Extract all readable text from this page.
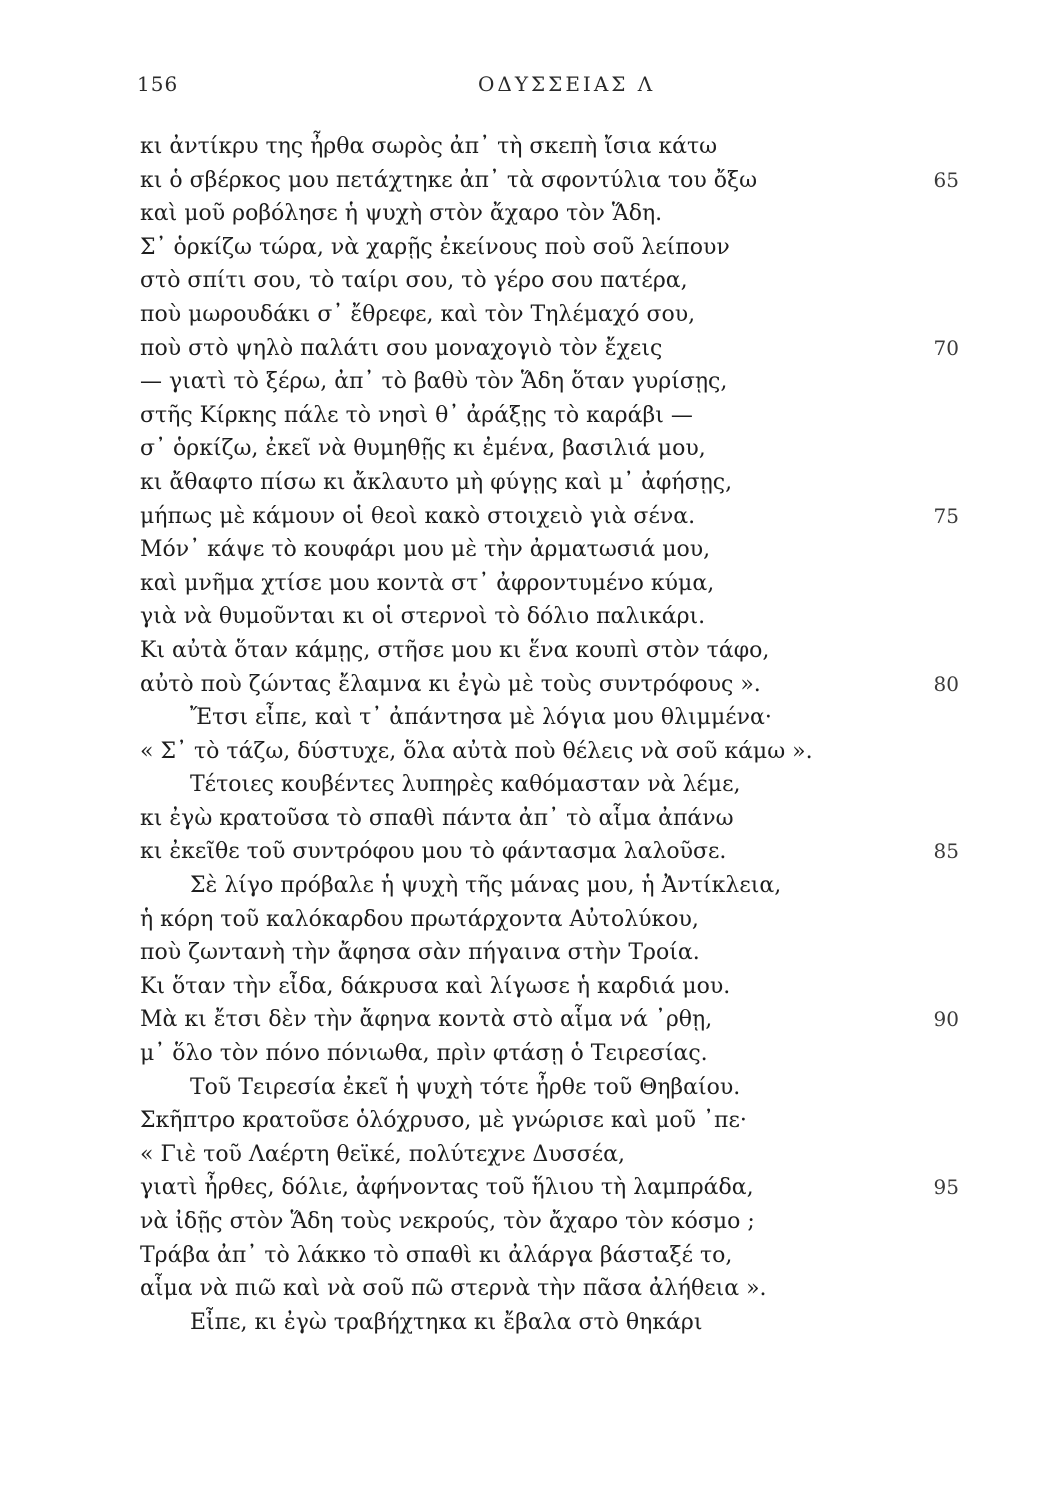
156	ΟΔΥΣΣΕΙΑΣ Λ
κι ἀντίκρυ της ἦρθα σωρὸς ἀπ᾿ τὴ σκεπὴ ἴσια κάτω
κι ὁ σβέρκος μου πετάχτηκε ἀπ᾿ τὰ σφοντύλια του ὄξω	65
καὶ μοῦ ροβόλησε ἡ ψυχὴ στὸν ἄχαρο τὸν Ἅδη.
Σ᾿ ὁρκίζω τώρα, νὰ χαρῇς ἐκείνους ποὺ σοῦ λείπουν
στὸ σπίτι σου, τὸ ταίρι σου, τὸ γέρο σου πατέρα,
ποὺ μωρουδάκι σ᾿ ἔθρεφε, καὶ τὸν Τηλέμαχό σου,
ποὺ στὸ ψηλὸ παλάτι σου μοναχογιὸ τὸν ἔχεις	70
— γιατὶ τὸ ξέρω, ἀπ᾿ τὸ βαθὺ τὸν Ἅδη ὅταν γυρίσῃς,
στῆς Κίρκης πάλε τὸ νησὶ θ᾿ ἀράξῃς τὸ καράβι —
σ᾿ ὁρκίζω, ἐκεῖ νὰ θυμηθῇς κι ἐμένα, βασιλιά μου,
κι ἄθαφτο πίσω κι ἄκλαυτο μὴ φύγῃς καὶ μ᾿ ἀφήσῃς,
μήπως μὲ κάμουν οἱ θεοὶ κακὸ στοιχειὸ γιὰ σένα.	75
Μόν᾿ κάψε τὸ κουφάρι μου μὲ τὴν ἀρματωσιά μου,
καὶ μνῆμα χτίσε μου κοντὰ στ᾿ ἀφροντυμένο κύμα,
γιὰ νὰ θυμοῦνται κι οἱ στερνοὶ τὸ δόλιο παλικάρι.
Κι αὐτὰ ὅταν κάμῃς, στῆσε μου κι ἕνα κουπὶ στὸν τάφο,
αὐτὸ ποὺ ζώντας ἔλαμνα κι ἐγὼ μὲ τοὺς συντρόφους ».	80
Ἔτσι εἶπε, καὶ τ᾿ ἀπάντησα μὲ λόγια μου θλιμμένα·
« Σ᾿ τὸ τάζω, δύστυχε, ὅλα αὐτὰ ποὺ θέλεις νὰ σοῦ κάμω ».
Τέτοιες κουβέντες λυπηρὲς καθόμασταν νὰ λέμε,
κι ἐγὼ κρατοῦσα τὸ σπαθὶ πάντα ἀπ᾿ τὸ αἷμα ἀπάνω
κι ἐκεῖθε τοῦ συντρόφου μου τὸ φάντασμα λαλοῦσε.	85
Σὲ λίγο πρόβαλε ἡ ψυχὴ τῆς μάνας μου, ἡ Ἀντίκλεια,
ἡ κόρη τοῦ καλόκαρδου πρωτάρχοντα Αὐτολύκου,
ποὺ ζωντανὴ τὴν ἄφησα σὰν πήγαινα στὴν Τροία.
Κι ὅταν τὴν εἶδα, δάκρυσα καὶ λίγωσε ἡ καρδιά μου.
Μὰ κι ἔτσι δὲν τὴν ἄφηνα κοντὰ στὸ αἷμα νά ᾿ρθῃ,	90
μ᾿ ὅλο τὸν πόνο πόνιωθα, πρὶν φτάσῃ ὁ Τειρεσίας.
Τοῦ Τειρεσία ἐκεῖ ἡ ψυχὴ τότε ἦρθε τοῦ Θηβαίου.
Σκῆπτρο κρατοῦσε ὁλόχρυσο, μὲ γνώρισε καὶ μοῦ ᾿πε·
« Γιὲ τοῦ Λαέρτη θεϊκέ, πολύτεχνε Δυσσέα,
γιατὶ ἦρθες, δόλιε, ἀφήνοντας τοῦ ἥλιου τὴ λαμπράδα,	95
νὰ ἰδῇς στὸν Ἅδη τοὺς νεκρούς, τὸν ἄχαρο τὸν κόσμο ;
Τράβα ἀπ᾿ τὸ λάκκο τὸ σπαθὶ κι ἀλάργα βάσταξέ το,
αἷμα νὰ πιῶ καὶ νὰ σοῦ πῶ στερνὰ τὴν πᾶσα ἀλήθεια ».
Εἶπε, κι ἐγὼ τραβήχτηκα κι ἔβαλα στὸ θηκάρι
